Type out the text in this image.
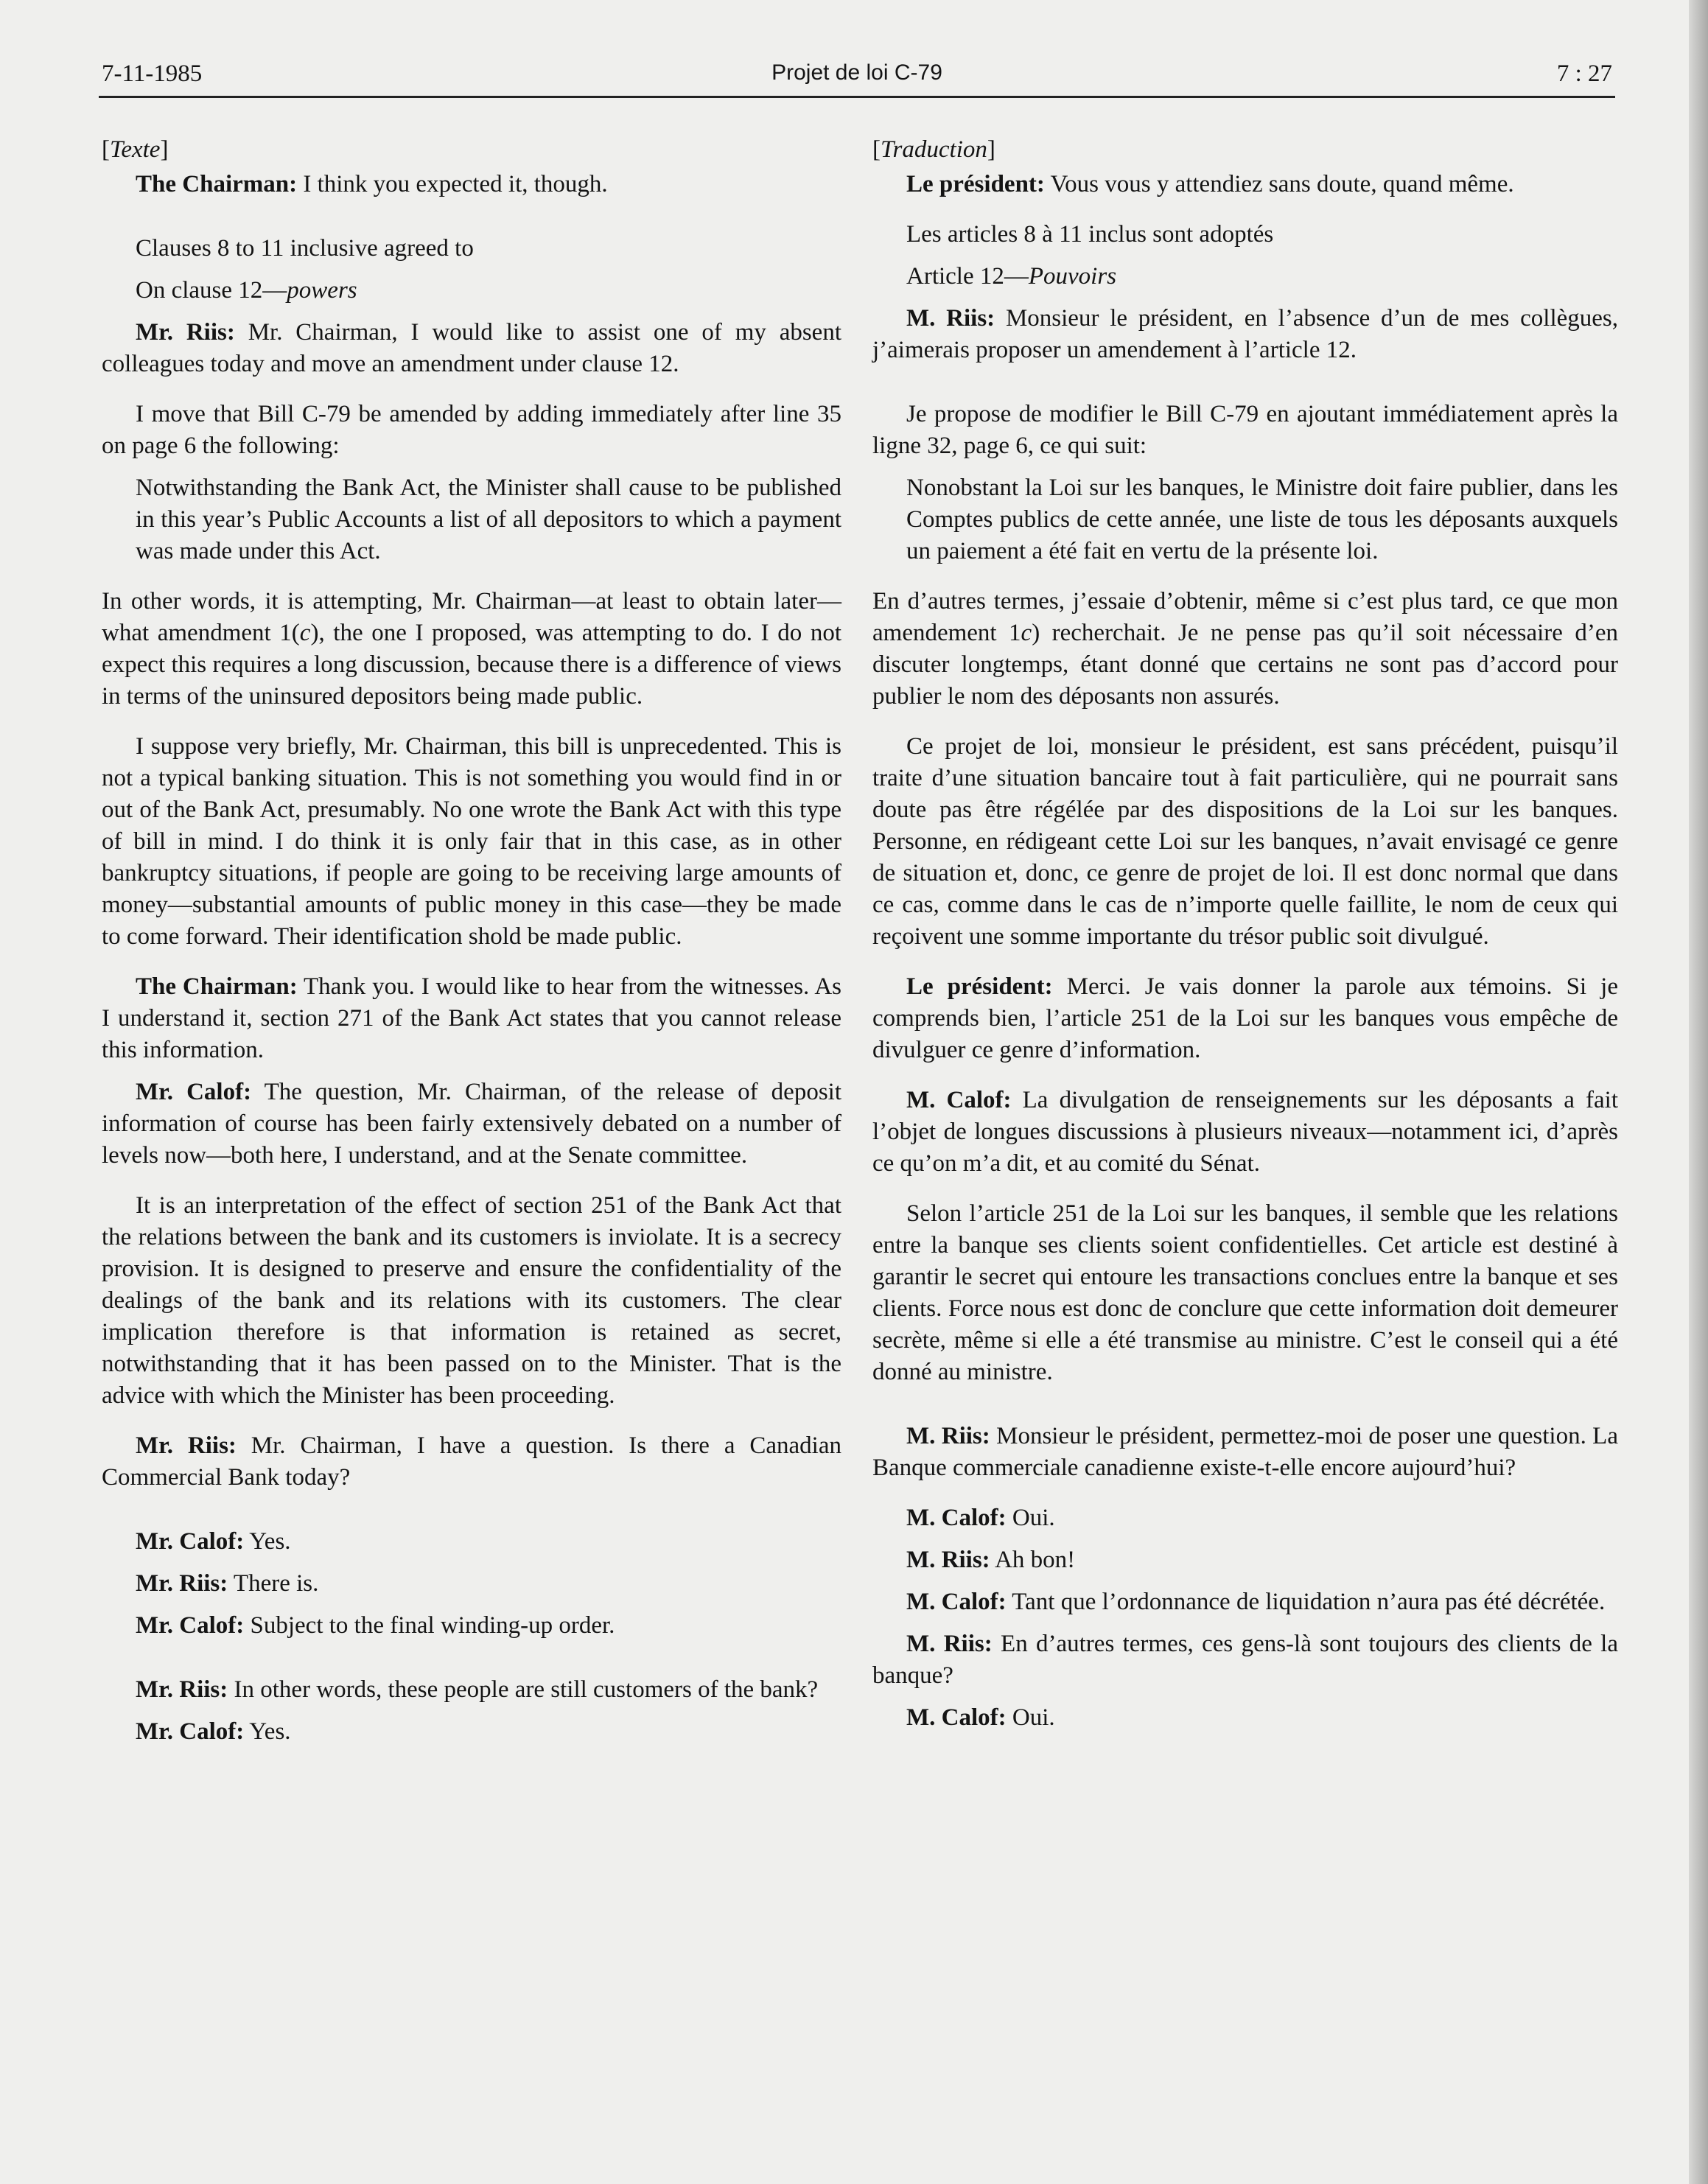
7-11-1985	Projet de loi C-79	7 : 27

[Texte]

The Chairman: I think you expected it, though.

Clauses 8 to 11 inclusive agreed to

On clause 12—powers

Mr. Riis: Mr. Chairman, I would like to assist one of my absent colleagues today and move an amendment under clause 12.

I move that Bill C-79 be amended by adding immediately after line 35 on page 6 the following:

Notwithstanding the Bank Act, the Minister shall cause to be published in this year’s Public Accounts a list of all depositors to which a payment was made under this Act.

In other words, it is attempting, Mr. Chairman—at least to obtain later—what amendment 1(c), the one I proposed, was attempting to do. I do not expect this requires a long discussion, because there is a difference of views in terms of the uninsured depositors being made public.

I suppose very briefly, Mr. Chairman, this bill is unprecedented. This is not a typical banking situation. This is not something you would find in or out of the Bank Act, presumably. No one wrote the Bank Act with this type of bill in mind. I do think it is only fair that in this case, as in other bankruptcy situations, if people are going to be receiving large amounts of money—substantial amounts of public money in this case—they be made to come forward. Their identification shold be made public.

The Chairman: Thank you. I would like to hear from the witnesses. As I understand it, section 271 of the Bank Act states that you cannot release this information.

Mr. Calof: The question, Mr. Chairman, of the release of deposit information of course has been fairly extensively debated on a number of levels now—both here, I understand, and at the Senate committee.

It is an interpretation of the effect of section 251 of the Bank Act that the relations between the bank and its customers is inviolate. It is a secrecy provision. It is designed to preserve and ensure the confidentiality of the dealings of the bank and its relations with its customers. The clear implication therefore is that information is retained as secret, notwithstanding that it has been passed on to the Minister. That is the advice with which the Minister has been proceeding.

Mr. Riis: Mr. Chairman, I have a question. Is there a Canadian Commercial Bank today?

Mr. Calof: Yes.

Mr. Riis: There is.

Mr. Calof: Subject to the final winding-up order.

Mr. Riis: In other words, these people are still customers of the bank?

Mr. Calof: Yes.

[Traduction]

Le président: Vous vous y attendiez sans doute, quand même.

Les articles 8 à 11 inclus sont adoptés

Article 12—Pouvoirs

M. Riis: Monsieur le président, en l’absence d’un de mes collègues, j’aimerais proposer un amendement à l’article 12.

Je propose de modifier le Bill C-79 en ajoutant immédiatement après la ligne 32, page 6, ce qui suit:

Nonobstant la Loi sur les banques, le Ministre doit faire publier, dans les Comptes publics de cette année, une liste de tous les déposants auxquels un paiement a été fait en vertu de la présente loi.

En d’autres termes, j’essaie d’obtenir, même si c’est plus tard, ce que mon amendement 1c) recherchait. Je ne pense pas qu’il soit nécessaire d’en discuter longtemps, étant donné que certains ne sont pas d’accord pour publier le nom des déposants non assurés.

Ce projet de loi, monsieur le président, est sans précédent, puisqu’il traite d’une situation bancaire tout à fait particulière, qui ne pourrait sans doute pas être régélée par des dispositions de la Loi sur les banques. Personne, en rédigeant cette Loi sur les banques, n’avait envisagé ce genre de situation et, donc, ce genre de projet de loi. Il est donc normal que dans ce cas, comme dans le cas de n’importe quelle faillite, le nom de ceux qui reçoivent une somme importante du trésor public soit divulgué.

Le président: Merci. Je vais donner la parole aux témoins. Si je comprends bien, l’article 251 de la Loi sur les banques vous empêche de divulguer ce genre d’information.

M. Calof: La divulgation de renseignements sur les déposants a fait l’objet de longues discussions à plusieurs niveaux—notamment ici, d’après ce qu’on m’a dit, et au comité du Sénat.

Selon l’article 251 de la Loi sur les banques, il semble que les relations entre la banque ses clients soient confidentielles. Cet article est destiné à garantir le secret qui entoure les transactions conclues entre la banque et ses clients. Force nous est donc de conclure que cette information doit demeurer secrète, même si elle a été transmise au ministre. C’est le conseil qui a été donné au ministre.

M. Riis: Monsieur le président, permettez-moi de poser une question. La Banque commerciale canadienne existe-t-elle encore aujourd’hui?

M. Calof: Oui.

M. Riis: Ah bon!

M. Calof: Tant que l’ordonnance de liquidation n’aura pas été décrétée.

M. Riis: En d’autres termes, ces gens-là sont toujours des clients de la banque?

M. Calof: Oui.
